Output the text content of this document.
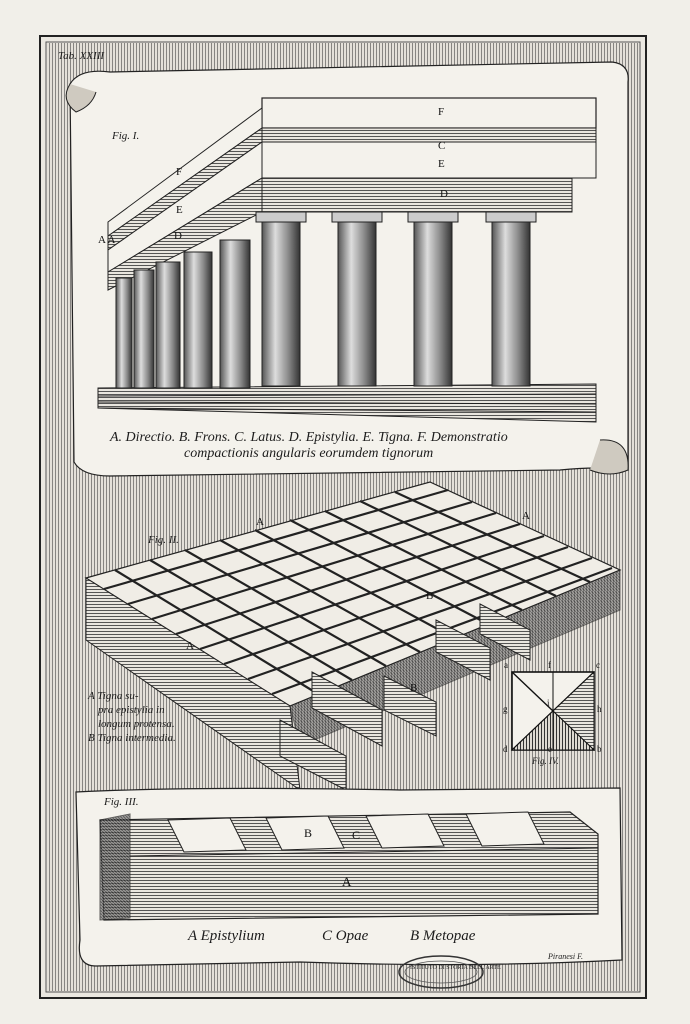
Tab. XXIII
Fig. I.
F
C
E
D
A A
F
E
D
A. Directio. B. Frons. C. Latus. D. Epistylia. E. Tigna. F. Demonstratio
compactionis angularis eorumdem tignorum
Fig. II.
A	A
A
B
B
A Tigna su-
pra epistylia in
longum protensa.
B Tigna intermedia.
a	f	c
g
i
h
d	e	b
Fig. IV.
Fig. III.
B	C
A
A Epistylium	C Opae	B Metopae
Piranesi F.
ISTITUTO DI STORIA DELL'ARTE
